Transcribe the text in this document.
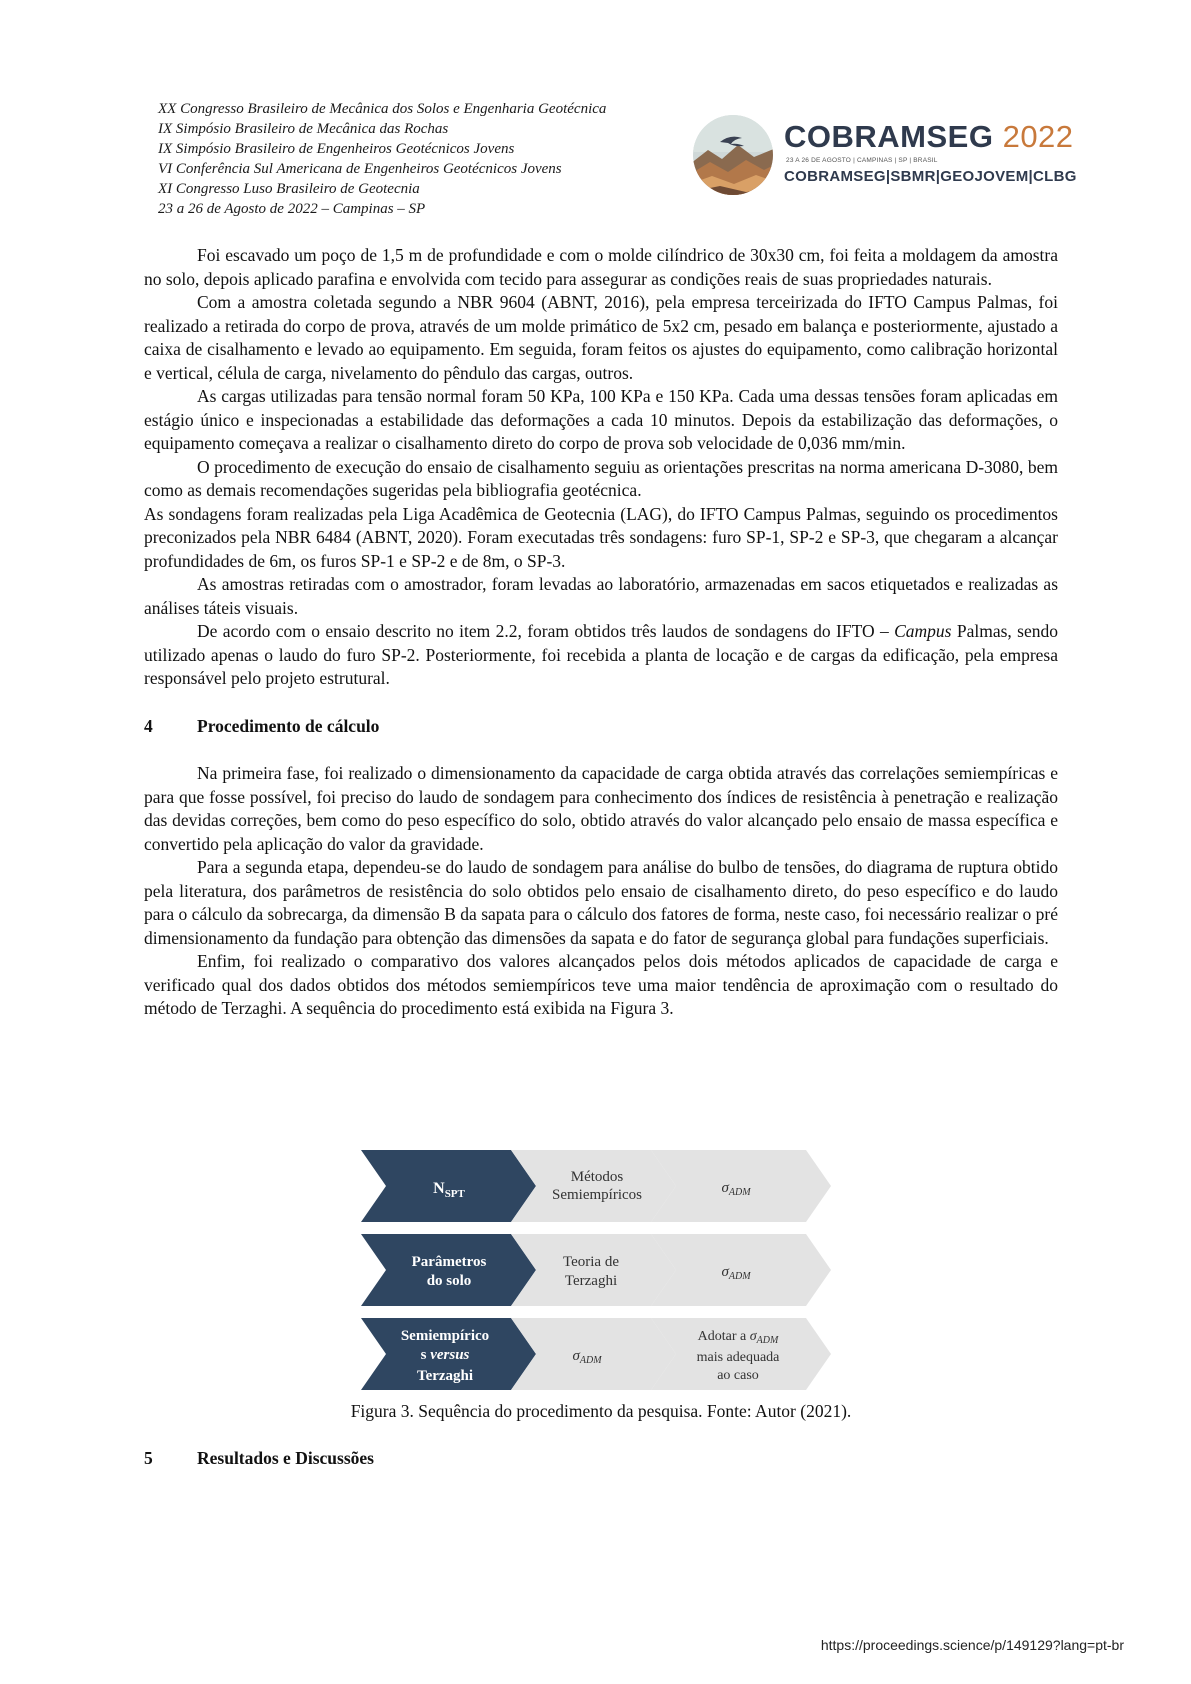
XX Congresso Brasileiro de Mecânica dos Solos e Engenharia Geotécnica
IX Simpósio Brasileiro de Mecânica das Rochas
IX Simpósio Brasileiro de Engenheiros Geotécnicos Jovens
VI Conferência Sul Americana de Engenheiros Geotécnicos Jovens
XI Congresso Luso Brasileiro de Geotecnia
23 a 26 de Agosto de 2022 – Campinas – SP
COBRAMSEG 2022
23 A 26 DE AGOSTO | CAMPINAS | SP | BRASIL
COBRAMSEG|SBMR|GEOJOVEM|CLBG

Foi escavado um poço de 1,5 m de profundidade e com o molde cilíndrico de 30x30 cm, foi feita a moldagem da amostra no solo, depois aplicado parafina e envolvida com tecido para assegurar as condições reais de suas propriedades naturais.

Com a amostra coletada segundo a NBR 9604 (ABNT, 2016), pela empresa terceirizada do IFTO Campus Palmas, foi realizado a retirada do corpo de prova, através de um molde primático de 5x2 cm, pesado em balança e posteriormente, ajustado a caixa de cisalhamento e levado ao equipamento. Em seguida, foram feitos os ajustes do equipamento, como calibração horizontal e vertical, célula de carga, nivelamento do pêndulo das cargas, outros.

As cargas utilizadas para tensão normal foram 50 KPa, 100 KPa e 150 KPa. Cada uma dessas tensões foram aplicadas em estágio único e inspecionadas a estabilidade das deformações a cada 10 minutos. Depois da estabilização das deformações, o equipamento começava a realizar o cisalhamento direto do corpo de prova sob velocidade de 0,036 mm/min.

O procedimento de execução do ensaio de cisalhamento seguiu as orientações prescritas na norma americana D-3080, bem como as demais recomendações sugeridas pela bibliografia geotécnica.

As sondagens foram realizadas pela Liga Acadêmica de Geotecnia (LAG), do IFTO Campus Palmas, seguindo os procedimentos preconizados pela NBR 6484 (ABNT, 2020). Foram executadas três sondagens: furo SP-1, SP-2 e SP-3, que chegaram a alcançar profundidades de 6m, os furos SP-1 e SP-2 e de 8m, o SP-3.

As amostras retiradas com o amostrador, foram levadas ao laboratório, armazenadas em sacos etiquetados e realizadas as análises táteis visuais.

De acordo com o ensaio descrito no item 2.2, foram obtidos três laudos de sondagens do IFTO – Campus Palmas, sendo utilizado apenas o laudo do furo SP-2. Posteriormente, foi recebida a planta de locação e de cargas da edificação, pela empresa responsável pelo projeto estrutural.

4	Procedimento de cálculo

Na primeira fase, foi realizado o dimensionamento da capacidade de carga obtida através das correlações semiempíricas e para que fosse possível, foi preciso do laudo de sondagem para conhecimento dos índices de resistência à penetração e realização das devidas correções, bem como do peso específico do solo, obtido através do valor alcançado pelo ensaio de massa específica e convertido pela aplicação do valor da gravidade.

Para a segunda etapa, dependeu-se do laudo de sondagem para análise do bulbo de tensões, do diagrama de ruptura obtido pela literatura, dos parâmetros de resistência do solo obtidos pelo ensaio de cisalhamento direto, do peso específico e do laudo para o cálculo da sobrecarga, da dimensão B da sapata para o cálculo dos fatores de forma, neste caso, foi necessário realizar o pré dimensionamento da fundação para obtenção das dimensões da sapata e do fator de segurança global para fundações superficiais.

Enfim, foi realizado o comparativo dos valores alcançados pelos dois métodos aplicados de capacidade de carga e verificado qual dos dados obtidos dos métodos semiempíricos teve uma maior tendência de aproximação com o resultado do método de Terzaghi. A sequência do procedimento está exibida na Figura 3.

$N_{SPT}$
Métodos
Semiempíricos	$\sigma_{ADM}$
Parâmetros
do solo
Teoria de
Terzaghi
$\sigma_{ADM}$
Semiempírico
s versus
Terzaghi
$\sigma_{ADM}$
Adotar a $\sigma_{ADM}$
mais adequada
ao caso
Figura 3. Sequência do procedimento da pesquisa. Fonte: Autor (2021).
5	Resultados e Discussões
https://proceedings.science/p/149129?lang=pt-br
